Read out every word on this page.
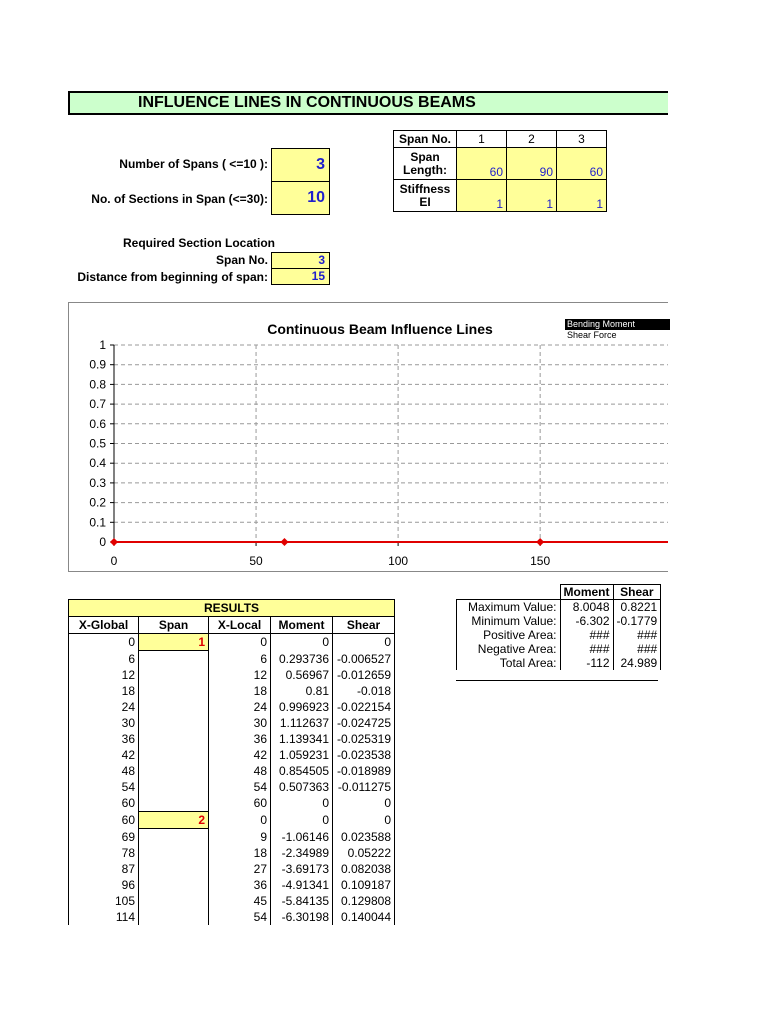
INFLUENCE LINES IN CONTINUOUS BEAMS
Number of Spans ( <=10 ):	3
No. of Sections in Span (<=30):	10
Span No.	1	2	3
Span
Length:	60	90	60
Stiffness
EI	1	1	1
Required Section Location
Span No.	3
Distance from beginning of span:	15
Continuous Beam Influence Lines
0
0.1
0.2
0.3
0.4
0.5
0.6
0.7
0.8
0.9
1
0	50	100	150
Bending Moment
Shear Force
RESULTS				
X-Global	Span	X-Local	Moment	Shear
0	1	0	0	0
6		6	0.293736	-0.006527
12		12	0.56967	-0.012659
18		18	0.81	-0.018
24		24	0.996923	-0.022154
30		30	1.112637	-0.024725
36		36	1.139341	-0.025319
42		42	1.059231	-0.023538
48		48	0.854505	-0.018989
54		54	0.507363	-0.011275
60		60	0	0
60	2	0	0	0
69		9	-1.06146	0.023588
78		18	-2.34989	0.05222
87		27	-3.69173	0.082038
96		36	-4.91341	0.109187
105		45	-5.84135	0.129808
114		54	-6.30198	0.140044
	Moment	Shear
Maximum Value:	8.0048	0.8221
Minimum Value:	-6.302	-0.1779
Positive Area:	###	###
Negative Area:	###	###
Total Area:	-112	24.989
